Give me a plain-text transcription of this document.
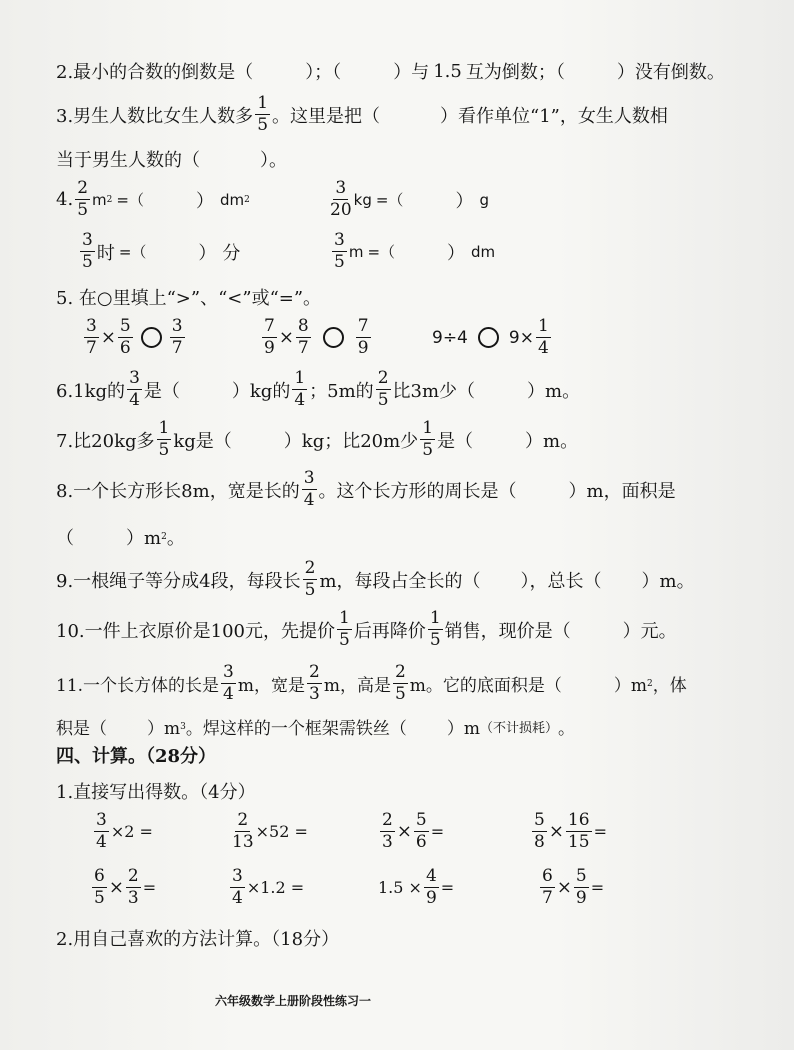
2.最小的合数的倒数是（	）；（	）与 1.5 互为倒数；（	）没有倒数。
3.男生人数比女生人数多 $\frac{1}{5}$ 。这里是把（	）看作单位“1”，女生人数相
当于男生人数的（	）。
4. $\frac{2}{5}$ m 2 =（	） dm 2	$\frac{3}{20}$ kg =（	） g
$\frac{3}{5}$ 时 =（	） 分	$\frac{3}{5}$ m =（	） dm
5. 在○里填上“>”、“<”或“=”。
$\frac{3}{7} \times \frac{5}{6} \frac{3}{7}$	$\frac{7}{9} \times \frac{8}{7}$	$\frac{7}{9}$	9÷4 $9\times \frac{1}{4}$
6.1kg的 $\frac{3}{4}$ 是（	）kg的 $\frac{1}{4}$ ；5m的 $\frac{2}{5}$ 比3m少（	）m。
7.比20kg多 $\frac{1}{5}$ kg是（	）kg；比20m少 $\frac{1}{5}$ 是（	）m。
8.一个长方形长8m，宽是长的 $\frac{3}{4}$ 。这个长方形的周长是（	）m，面积是
（	）m 2 。
9.一根绳子等分成4段，每段长 $\frac{2}{5}$ m，每段占全长的（ ），总长（ ）m。
10.一件上衣原价是100元，先提价 $\frac{1}{5}$ 后再降价 $\frac{1}{5}$ 销售，现价是（	）元。
11.一个长方体的长是 $\frac{3}{4}$ m，宽是 $\frac{2}{3}$ m，高是 $\frac{2}{5}$ m。它的底面积是（	）m 2 ，体
积是（ ）m 3 。焊这样的一个框架需铁丝（ ）m （不计损耗） 。
四、计算。（28分）
1.直接写出得数。（4分）
$\frac{3}{4} \times 2$ =	$\frac{2}{13} \times 52$ =	$\frac{2}{3} \times \frac{5}{6}$ =	$\frac{5}{8} \times \frac{16}{15}$ =
$\frac{6}{5} \times \frac{2}{3}$ =	$\frac{3}{4} \times 1.2$ =	$1.5 \times \frac{4}{9}$ =	$\frac{6}{7} \times \frac{5}{9}$ =
2.用自己喜欢的方法计算。（18分）
六年级数学上册阶段性练习一
